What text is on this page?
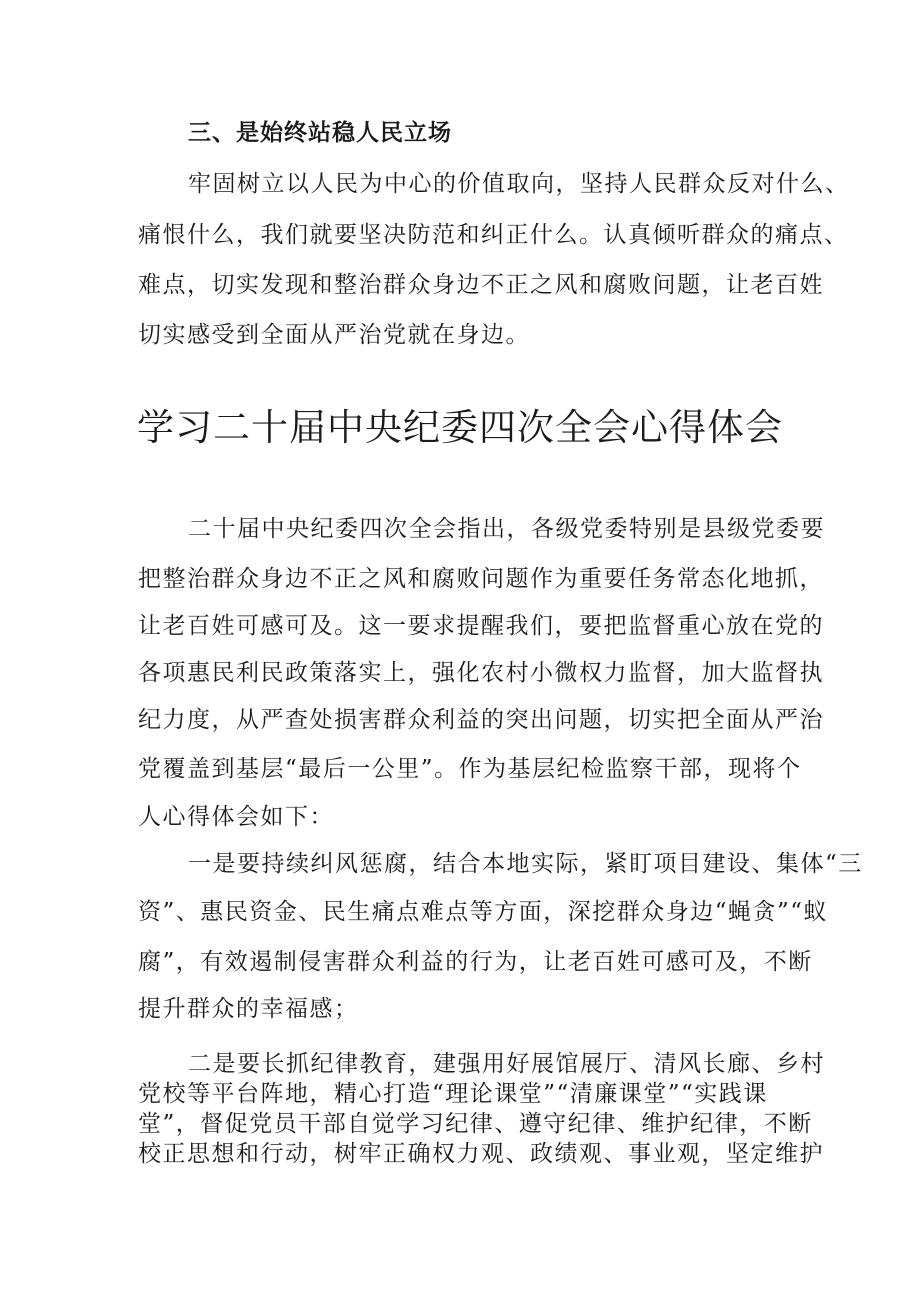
三、是始终站稳人民立场
牢固树立以人民为中心的价值取向，坚持人民群众反对什么、
痛恨什么，我们就要坚决防范和纠正什么。认真倾听群众的痛点、
难点，切实发现和整治群众身边不正之风和腐败问题，让老百姓
切实感受到全面从严治党就在身边。
学习二十届中央纪委四次全会心得体会
二十届中央纪委四次全会指出，各级党委特别是县级党委要
把整治群众身边不正之风和腐败问题作为重要任务常态化地抓，
让老百姓可感可及。这一要求提醒我们，要把监督重心放在党的
各项惠民利民政策落实上，强化农村小微权力监督，加大监督执
纪力度，从严查处损害群众利益的突出问题，切实把全面从严治
党覆盖到基层“最后一公里”。作为基层纪检监察干部，现将个
人心得体会如下：
一是要持续纠风惩腐，结合本地实际，紧盯项目建设、集体“三
资”、惠民资金、民生痛点难点等方面，深挖群众身边“蝇贪”“蚁
腐”，有效遏制侵害群众利益的行为，让老百姓可感可及，不断
提升群众的幸福感；
二是要长抓纪律教育，建强用好展馆展厅、清风长廊、乡村
党校等平台阵地，精心打造“理论课堂”“清廉课堂”“实践课
堂”，督促党员干部自觉学习纪律、遵守纪律、维护纪律，不断
校正思想和行动，树牢正确权力观、政绩观、事业观，坚定维护
